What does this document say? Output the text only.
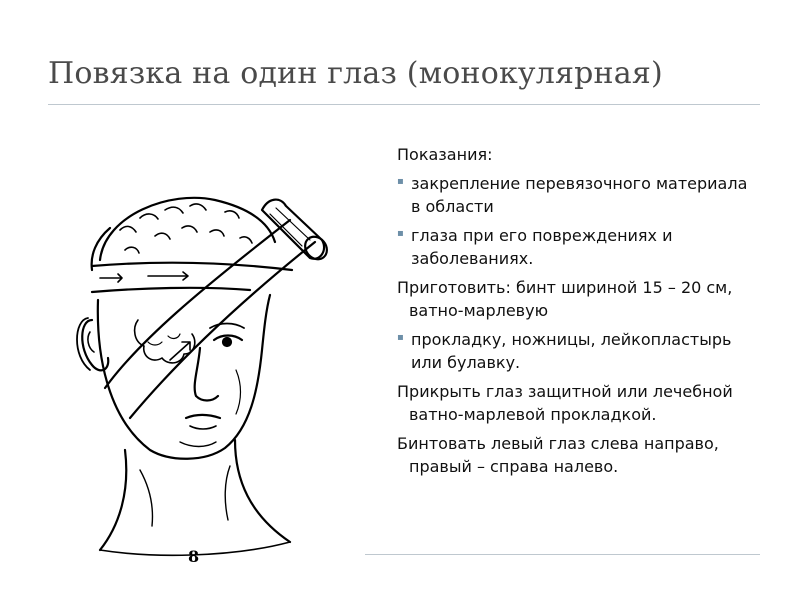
Повязка на один глаз (монокулярная)
8

Показания:

▪ закрепление перевязочного материала в области
▪ глаза при его повреждениях и заболеваниях.

Приготовить: бинт шириной 15 – 20 см, ватно-марлевую

▪ прокладку, ножницы, лейкопластырь или булавку.

Прикрыть глаз защитной или лечебной ватно-марлевой прокладкой.

Бинтовать левый глаз слева направо, правый – справа налево.
